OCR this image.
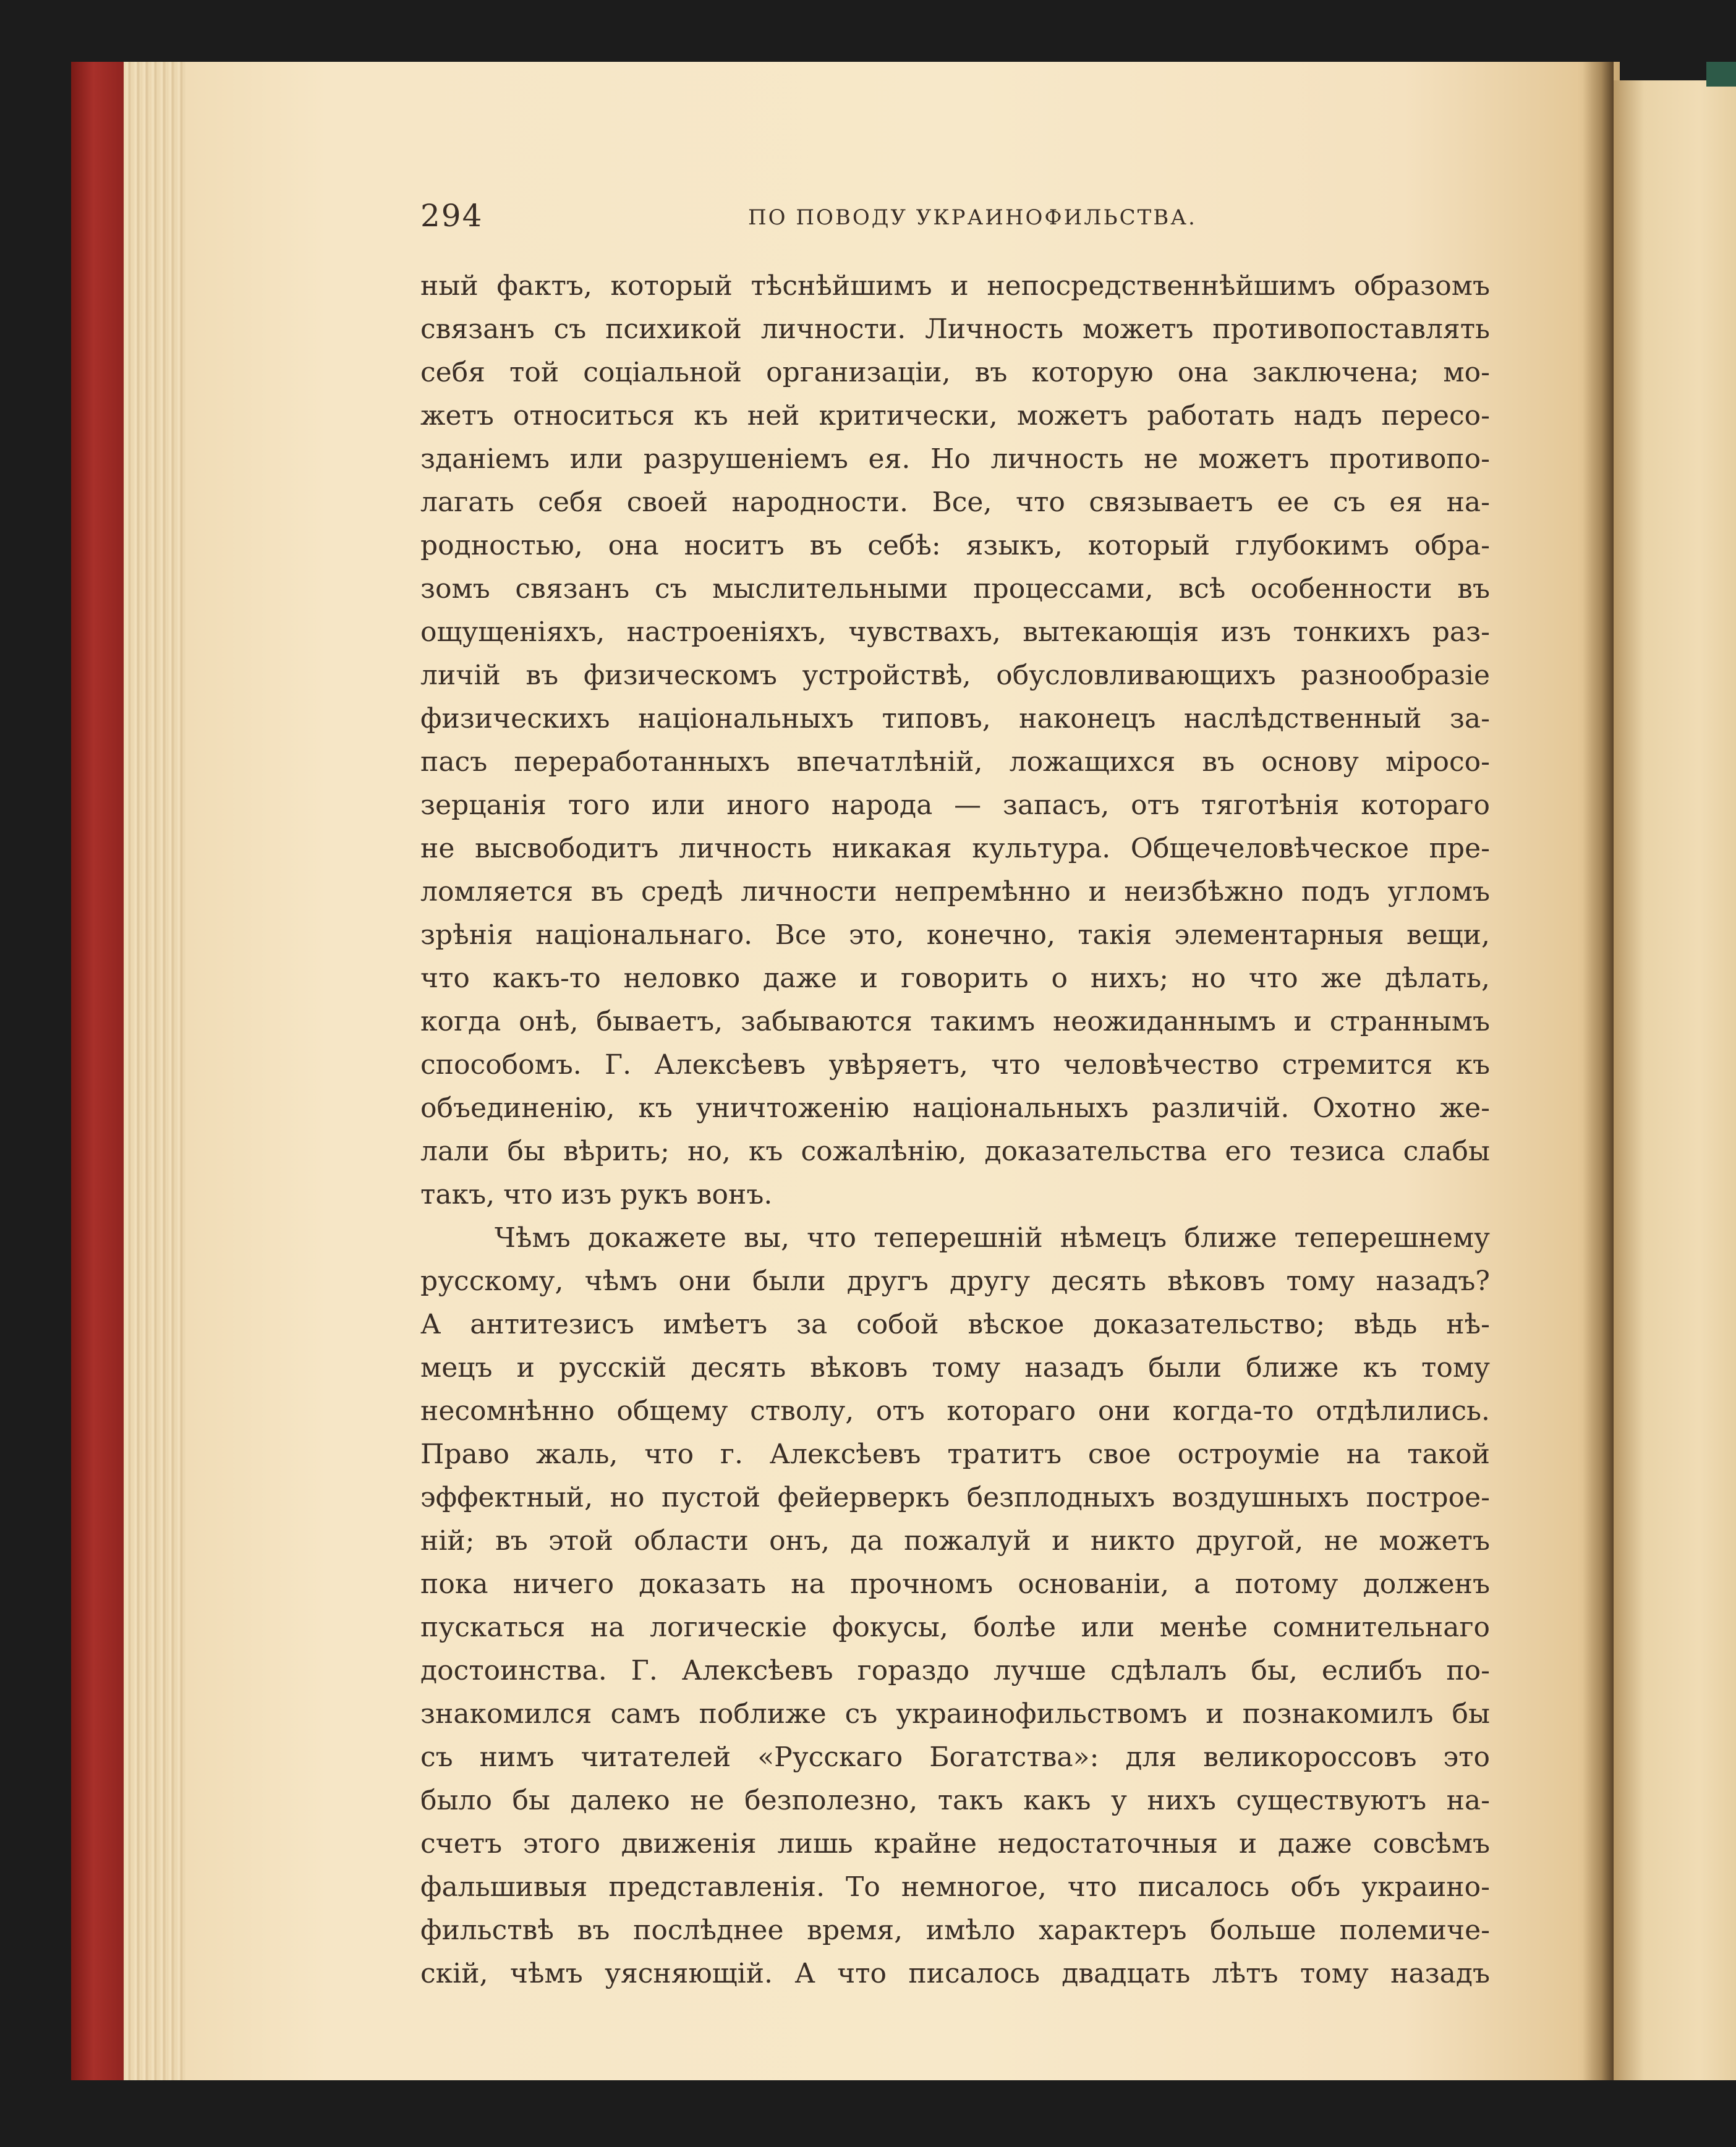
294	ПО ПОВОДУ УКРАИНОФИЛЬСТВА.
ный фактъ, который тѣснѣйшимъ и непосредственнѣйшимъ образомъ
связанъ съ психикой личности. Личность можетъ противопоставлять
себя той соціальной организаціи, въ которую она заключена; мо-
жетъ относиться къ ней критически, можетъ работать надъ пересо-
зданіемъ или разрушеніемъ ея. Но личность не можетъ противопо-
лагать себя своей народности. Все, что связываетъ ее съ ея на-
родностью, она носитъ въ себѣ: языкъ, который глубокимъ обра-
зомъ связанъ съ мыслительными процессами, всѣ особенности въ
ощущеніяхъ, настроеніяхъ, чувствахъ, вытекающія изъ тонкихъ раз-
личій въ физическомъ устройствѣ, обусловливающихъ разнообразіе
физическихъ національныхъ типовъ, наконецъ наслѣдственный за-
пасъ переработанныхъ впечатлѣній, ложащихся въ основу міросо-
зерцанія того или иного народа — запасъ, отъ тяготѣнія котораго
не высвободитъ личность никакая культура. Общечеловѣческое пре-
ломляется въ средѣ личности непремѣнно и неизбѣжно подъ угломъ
зрѣнія національнаго. Все это, конечно, такія элементарныя вещи,
что какъ-то неловко даже и говорить о нихъ; но что же дѣлать,
когда онѣ, бываетъ, забываются такимъ неожиданнымъ и страннымъ
способомъ. Г. Алексѣевъ увѣряетъ, что человѣчество стремится къ
объединенію, къ уничтоженію національныхъ различій. Охотно же-
лали бы вѣрить; но, къ сожалѣнію, доказательства его тезиса слабы
такъ, что изъ рукъ вонъ.
Чѣмъ докажете вы, что теперешній нѣмецъ ближе теперешнему
русскому, чѣмъ они были другъ другу десять вѣковъ тому назадъ?
А антитезисъ имѣетъ за собой вѣское доказательство; вѣдь нѣ-
мецъ и русскій десять вѣковъ тому назадъ были ближе къ тому
несомнѣнно общему стволу, отъ котораго они когда-то отдѣлились.
Право жаль, что г. Алексѣевъ тратитъ свое остроуміе на такой
эффектный, но пустой фейерверкъ безплодныхъ воздушныхъ построе-
ній; въ этой области онъ, да пожалуй и никто другой, не можетъ
пока ничего доказать на прочномъ основаніи, а потому долженъ
пускаться на логическіе фокусы, болѣе или менѣе сомнительнаго
достоинства. Г. Алексѣевъ гораздо лучше сдѣлалъ бы, еслибъ по-
знакомился самъ поближе съ украинофильствомъ и познакомилъ бы
съ нимъ читателей «Русскаго Богатства»: для великороссовъ это
было бы далеко не безполезно, такъ какъ у нихъ существуютъ на-
счетъ этого движенія лишь крайне недостаточныя и даже совсѣмъ
фальшивыя представленія. То немногое, что писалось объ украино-
фильствѣ въ послѣднее время, имѣло характеръ больше полемиче-
скій, чѣмъ уясняющій. А что писалось двадцать лѣтъ тому назадъ
